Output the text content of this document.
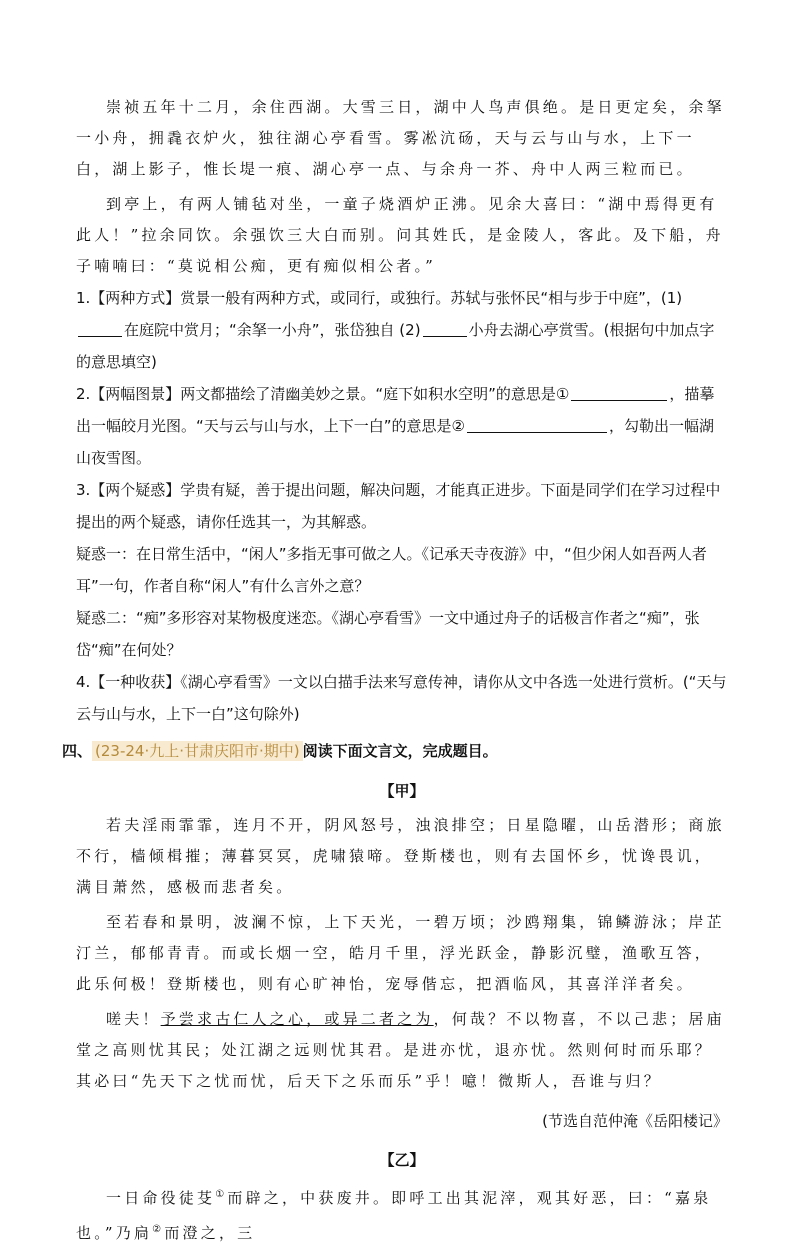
崇祯五年十二月，余住西湖。大雪三日，湖中人鸟声俱绝。是日更定矣，余拏一小舟，拥毳衣炉火，独往湖心亭看雪。雾凇沆砀，天与云与山与水，上下一白，湖上影子，惟长堤一痕、湖心亭一点、与余舟一芥、舟中人两三粒而已。

到亭上，有两人铺毡对坐，一童子烧酒炉正沸。见余大喜曰：“湖中焉得更有此人！”拉余同饮。余强饮三大白而别。问其姓氏，是金陵人，客此。及下船，舟子喃喃曰：“莫说相公痴，更有痴似相公者。”

1.【两种方式】赏景一般有两种方式，或同行，或独行。苏轼与张怀民“相与步于中庭”，(1)在庭院中赏月；“余拏一小舟”，张岱独自 (2)	小舟去湖心亭赏雪。(根据句中加点字的意思填空)

2.【两幅图景】两文都描绘了清幽美妙之景。“庭下如积水空明”的意思是①	，描摹出一幅皎月光图。“天与云与山与水，上下一白”的意思是②	，勾勒出一幅湖山夜雪图。

3.【两个疑惑】学贵有疑，善于提出问题，解决问题，才能真正进步。下面是同学们在学习过程中提出的两个疑惑，请你任选其一，为其解惑。

疑惑一：在日常生活中，“闲人”多指无事可做之人。《记承天寺夜游》中，“但少闲人如吾两人者耳”一句，作者自称“闲人”有什么言外之意？

疑惑二：“痴”多形容对某物极度迷恋。《湖心亭看雪》一文中通过舟子的话极言作者之“痴”，张岱“痴”在何处？

4.【一种收获】《湖心亭看雪》一文以白描手法来写意传神，请你从文中各选一处进行赏析。(“天与云与山与水，上下一白”这句除外)

四、 (23-24·九上·甘肃庆阳市·期中) 阅读下面文言文，完成题目。

【甲】

若夫淫雨霏霏，连月不开，阴风怒号，浊浪排空；日星隐曜，山岳潜形；商旅不行，樯倾楫摧；薄暮冥冥，虎啸猿啼。登斯楼也，则有去国怀乡，忧谗畏讥，满目萧然，感极而悲者矣。

至若春和景明，波澜不惊，上下天光，一碧万顷；沙鸥翔集，锦鳞游泳；岸芷汀兰，郁郁青青。而或长烟一空，皓月千里，浮光跃金，静影沉璧，渔歌互答，此乐何极！登斯楼也，则有心旷神怡，宠辱偕忘，把酒临风，其喜洋洋者矣。

嗟夫！予尝求古仁人之心，或异二者之为，何哉？不以物喜，不以己悲；居庙堂之高则忧其民；处江湖之远则忧其君。是进亦忧，退亦忧。然则何时而乐耶？其必曰“先天下之忧而忧，后天下之乐而乐”乎！噫！微斯人，吾谁与归？

(节选自范仲淹《岳阳楼记》

【乙】

一日命役徒芟①而辟之，中获废井。即呼工出其泥滓，观其好恶，曰：“嘉泉也。”乃扃②而澄之，三
